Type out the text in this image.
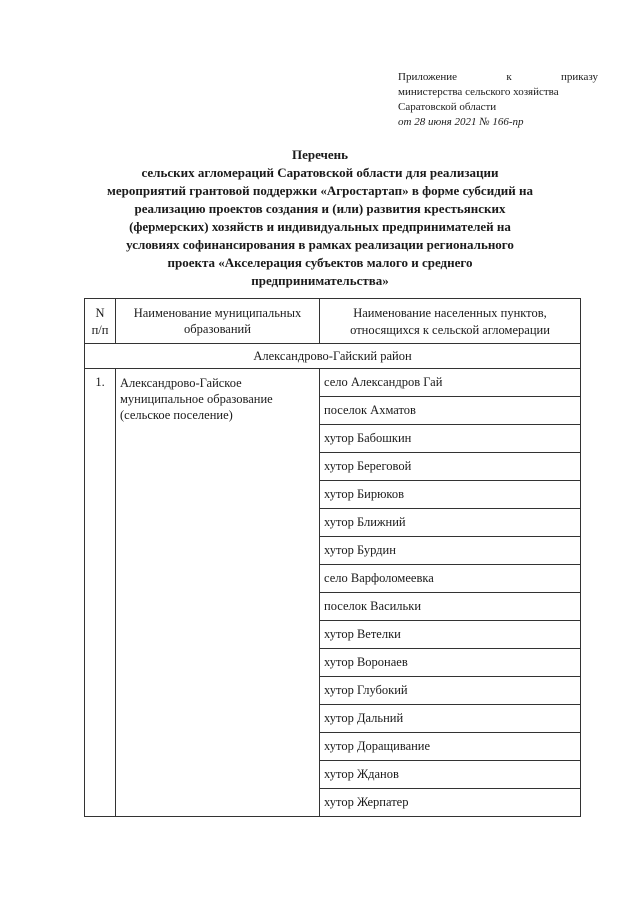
Приложение	к	приказу
министерства сельского хозяйства
Саратовской области
от 28 июня 2021 № 166-пр
Перечень
сельских агломераций Саратовской области для реализации
мероприятий грантовой поддержки «Агростартап» в форме субсидий на
реализацию проектов создания и (или) развития крестьянских
(фермерских) хозяйств и индивидуальных предпринимателей на
условиях софинансирования в рамках реализации регионального
проекта «Акселерация субъектов малого и среднего
предпринимательства»
N п/п	Наименование муниципальных образований	Наименование населенных пунктов, относящихся к сельской агломерации
Александрово-Гайский район		
1.	Александрово-Гайское муниципальное образование (сельское поселение)	село Александров Гай
		поселок Ахматов
		хутор Бабошкин
		хутор Береговой
		хутор Бирюков
		хутор Ближний
		хутор Бурдин
		село Варфоломеевка
		поселок Васильки
		хутор Ветелки
		хутор Воронаев
		хутор Глубокий
		хутор Дальний
		хутор Доращивание
		хутор Жданов
		хутор Жерпатер
